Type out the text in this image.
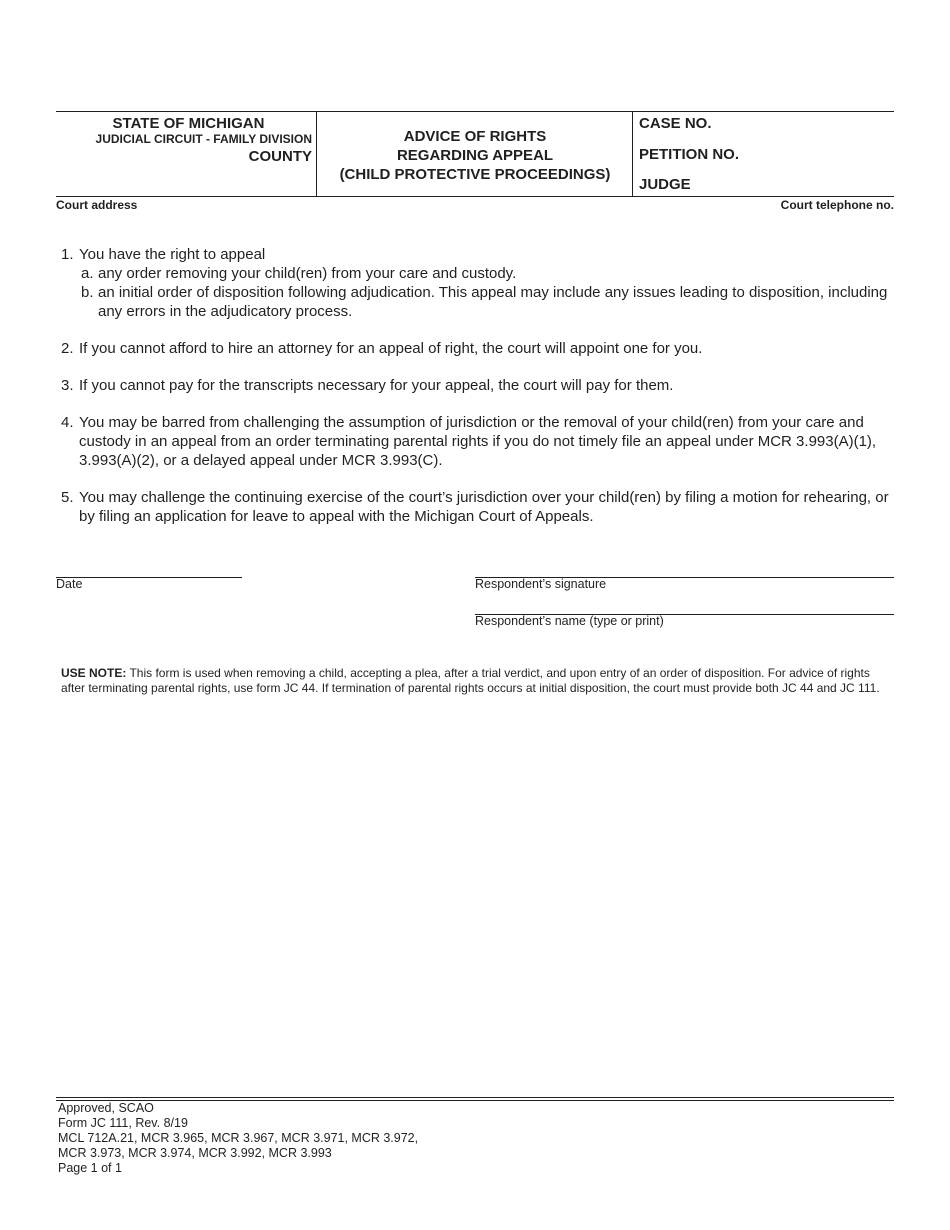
STATE OF MICHIGAN
JUDICIAL CIRCUIT - FAMILY DIVISION
COUNTY
ADVICE OF RIGHTS
REGARDING APPEAL
(CHILD PROTECTIVE PROCEEDINGS)
CASE NO.
PETITION NO.
JUDGE
Court address	Court telephone no.
1. You have the right to appeal
a. any order removing your child(ren) from your care and custody.
b. an initial order of disposition following adjudication. This appeal may include any issues leading to disposition, including any errors in the adjudicatory process.
2. If you cannot afford to hire an attorney for an appeal of right, the court will appoint one for you.
3. If you cannot pay for the transcripts necessary for your appeal, the court will pay for them.
4. You may be barred from challenging the assumption of jurisdiction or the removal of your child(ren) from your care and custody in an appeal from an order terminating parental rights if you do not timely file an appeal under MCR 3.993(A)(1), 3.993(A)(2), or a delayed appeal under MCR 3.993(C).
5. You may challenge the continuing exercise of the court’s jurisdiction over your child(ren) by filing a motion for rehearing, or by filing an application for leave to appeal with the Michigan Court of Appeals.
Date	Respondent’s signature
Respondent’s name (type or print)
USE NOTE: This form is used when removing a child, accepting a plea, after a trial verdict, and upon entry of an order of disposition. For advice of rights after terminating parental rights, use form JC 44. If termination of parental rights occurs at initial disposition, the court must provide both JC 44 and JC 111.
Approved, SCAO
Form JC 111, Rev. 8/19
MCL 712A.21, MCR 3.965, MCR 3.967, MCR 3.971, MCR 3.972,
MCR 3.973, MCR 3.974, MCR 3.992, MCR 3.993
Page 1 of 1
